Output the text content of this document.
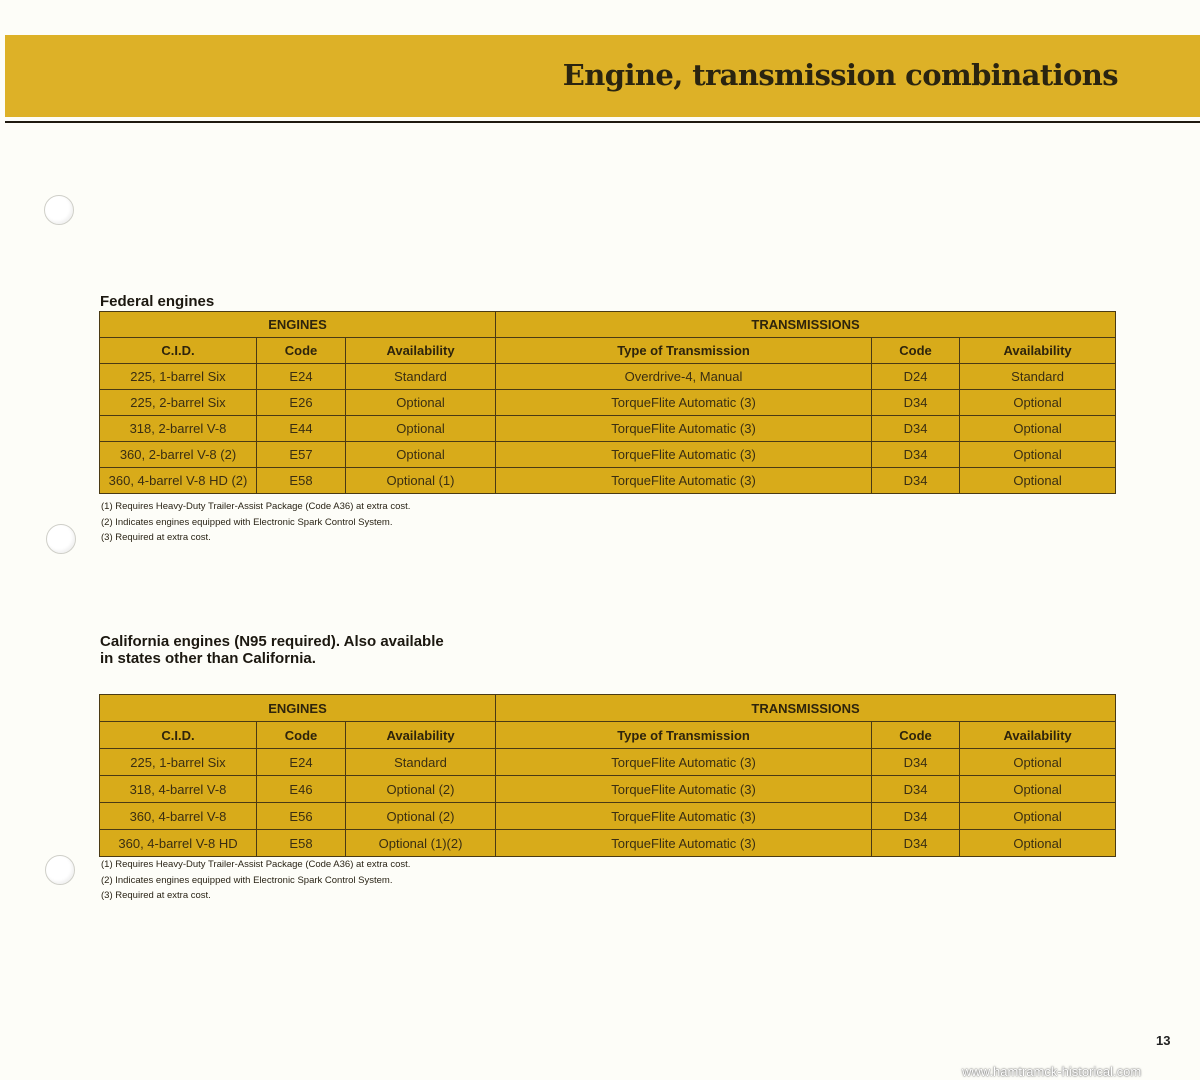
Engine, transmission combinations
Federal engines
ENGINES			TRANSMISSIONS		
C.I.D.	Code	Availability	Type of Transmission	Code	Availability
225, 1-barrel Six	E24	Standard	Overdrive-4, Manual	D24	Standard
225, 2-barrel Six	E26	Optional	TorqueFlite Automatic (3)	D34	Optional
318, 2-barrel V-8	E44	Optional	TorqueFlite Automatic (3)	D34	Optional
360, 2-barrel V-8 (2)	E57	Optional	TorqueFlite Automatic (3)	D34	Optional
360, 4-barrel V-8 HD (2)	E58	Optional (1)	TorqueFlite Automatic (3)	D34	Optional
(1) Requires Heavy-Duty Trailer-Assist Package (Code A36) at extra cost.
(2) Indicates engines equipped with Electronic Spark Control System.
(3) Required at extra cost.
California engines (N95 required). Also available
in states other than California.
ENGINES			TRANSMISSIONS		
C.I.D.	Code	Availability	Type of Transmission	Code	Availability
225, 1-barrel Six	E24	Standard	TorqueFlite Automatic (3)	D34	Optional
318, 4-barrel V-8	E46	Optional (2)	TorqueFlite Automatic (3)	D34	Optional
360, 4-barrel V-8	E56	Optional (2)	TorqueFlite Automatic (3)	D34	Optional
360, 4-barrel V-8 HD	E58	Optional (1)(2)	TorqueFlite Automatic (3)	D34	Optional
(1) Requires Heavy-Duty Trailer-Assist Package (Code A36) at extra cost.
(2) Indicates engines equipped with Electronic Spark Control System.
(3) Required at extra cost.
13
www.hamtramck-historical.com
